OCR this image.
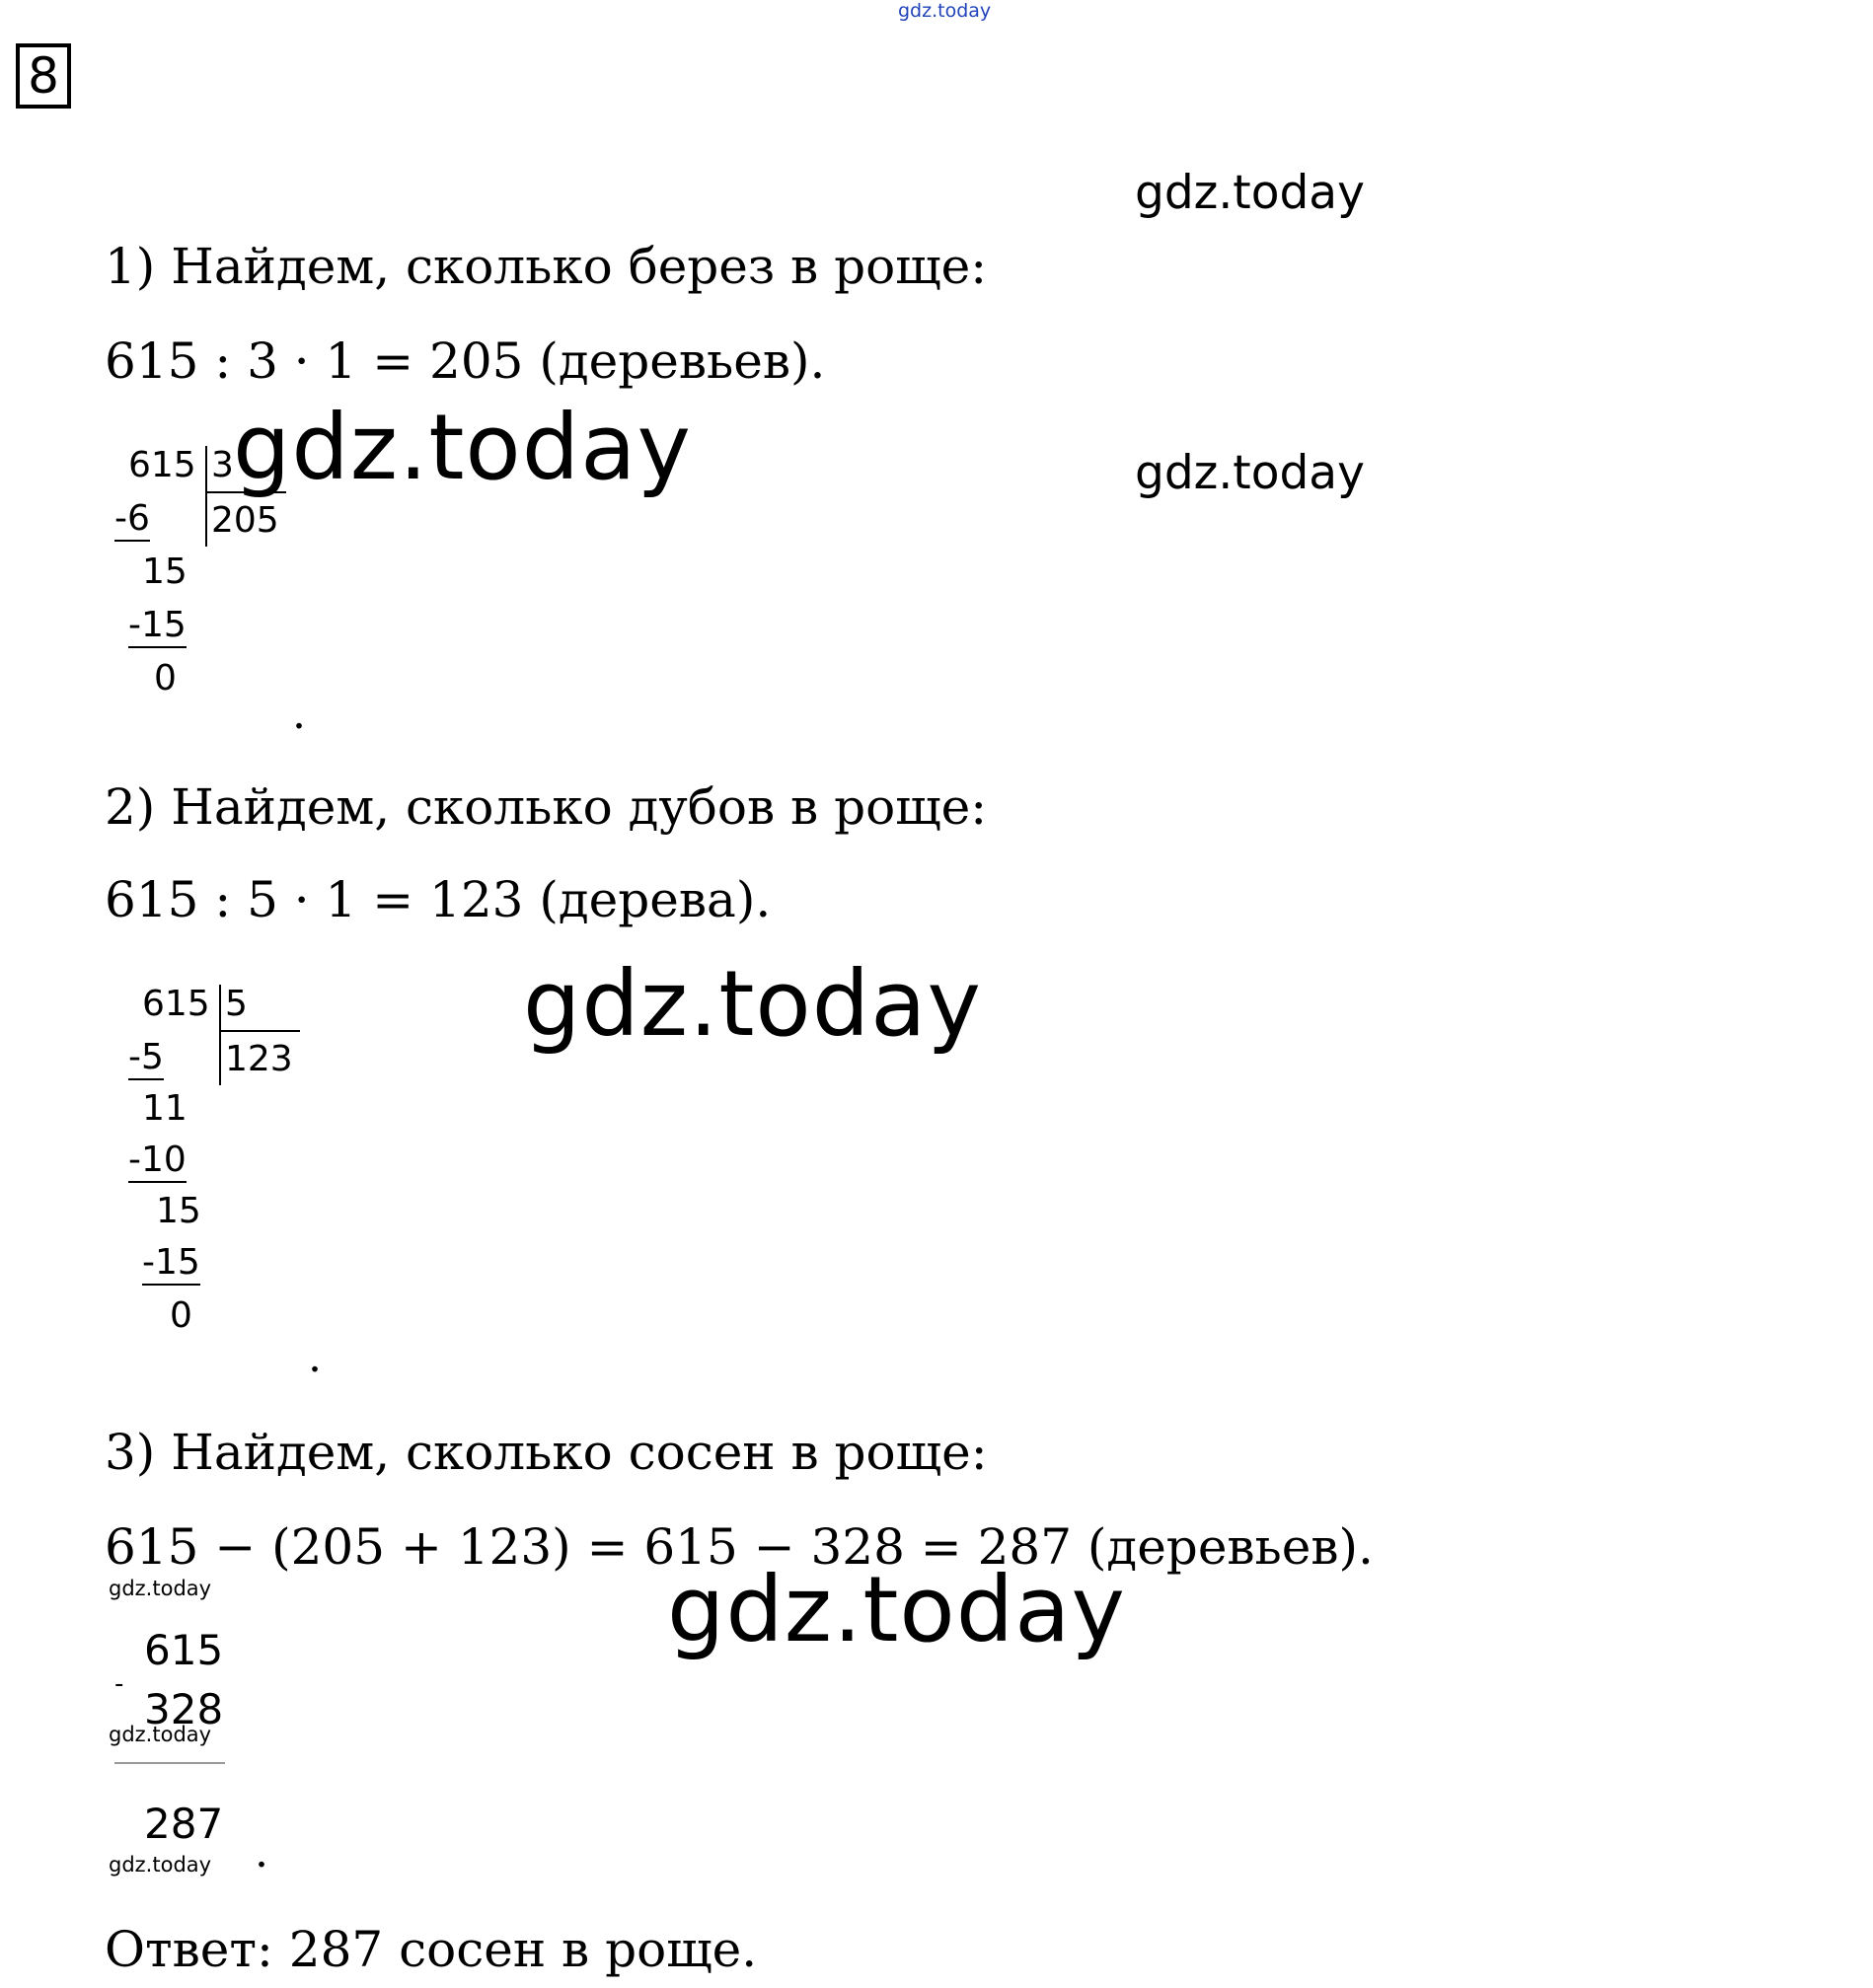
8
gdz.today
gdz.today
gdz.today
1) Найдем, сколько берез в роще:
615 : 3 · 1 = 205 (деревьев).
615 3
205
-6
15
-15
0
gdz.today
.
2) Найдем, сколько дубов в роще:
615 : 5 · 1 = 123 (дерева).
615 5
123
-5
11
-10
15
-15
0
gdz.today
.
3) Найдем, сколько сосен в роще:
615 − (205 + 123) = 615 − 328 = 287 (деревьев).
gdz.today	gdz.today
615
-
328
gdz.today
287
gdz.today .
Ответ: 287 сосен в роще.
